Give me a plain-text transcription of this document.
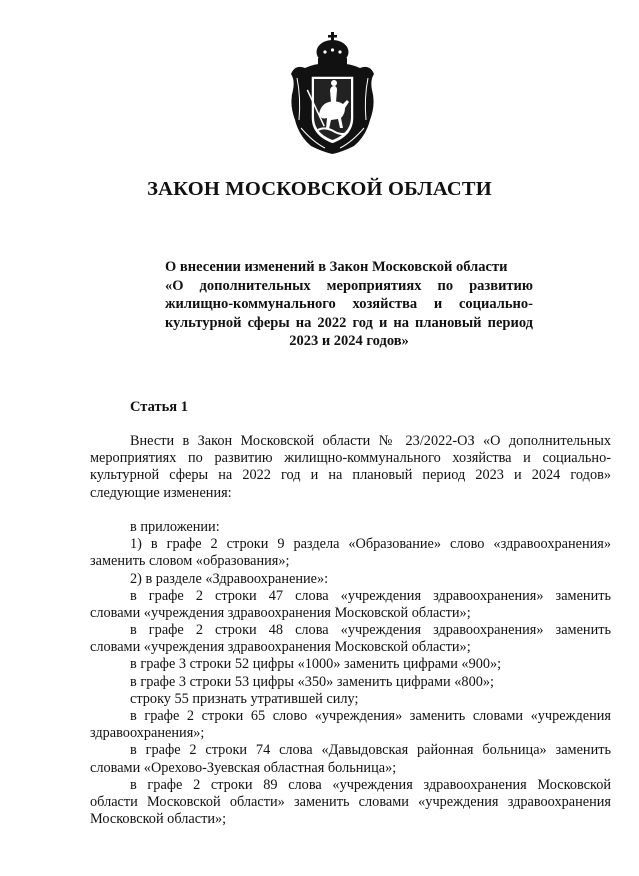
ЗАКОН МОСКОВСКОЙ ОБЛАСТИ
О внесении изменений в Закон Московской области
«О дополнительных мероприятиях по развитию
жилищно-коммунального хозяйства и социально-
культурной сферы на 2022 год и на плановый период
2023 и 2024 годов»
Статья 1
Внести в Закон Московской области № 23/2022-ОЗ «О дополнительных
мероприятиях по развитию жилищно-коммунального хозяйства и социально-
культурной сферы на 2022 год и на плановый период 2023 и 2024 годов»
следующие изменения:
в приложении:
1) в графе 2 строки 9 раздела «Образование» слово «здравоохранения»
заменить словом «образования»;
2) в разделе «Здравоохранение»:
в графе 2 строки 47 слова «учреждения здравоохранения» заменить
словами «учреждения здравоохранения Московской области»;
в графе 2 строки 48 слова «учреждения здравоохранения» заменить
словами «учреждения здравоохранения Московской области»;
в графе 3 строки 52 цифры «1000» заменить цифрами «900»;
в графе 3 строки 53 цифры «350» заменить цифрами «800»;
строку 55 признать утратившей силу;
в графе 2 строки 65 слово «учреждения» заменить словами «учреждения
здравоохранения»;
в графе 2 строки 74 слова «Давыдовская районная больница» заменить
словами «Орехово-Зуевская областная больница»;
в графе 2 строки 89 слова «учреждения здравоохранения Московской
области Московской области» заменить словами «учреждения здравоохранения
Московской области»;
